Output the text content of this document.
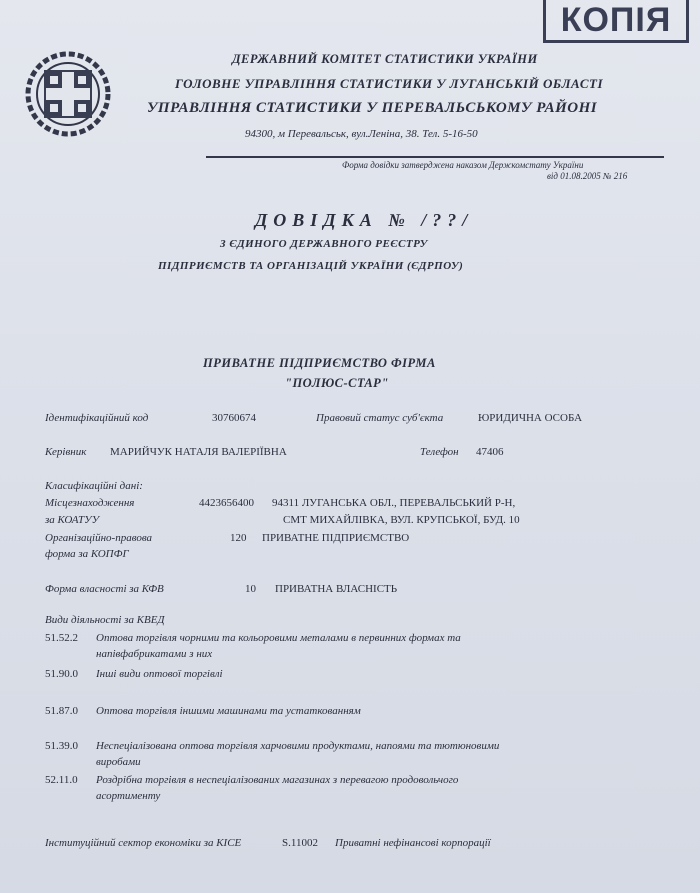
КОПІЯ
ДЕРЖАВНИЙ КОМІТЕТ СТАТИСТИКИ УКРАЇНИ
ГОЛОВНЕ УПРАВЛІННЯ СТАТИСТИКИ У ЛУГАНСЬКІЙ ОБЛАСТІ
УПРАВЛІННЯ СТАТИСТИКИ У ПЕРЕВАЛЬСЬКОМУ РАЙОНІ
94300, м Перевальськ, вул.Леніна, 38. Тел. 5-16-50
Форма довідки затверджена наказом Держкомстату України
від 01.08.2005 № 216
ДОВІДКА № /??/
З ЄДИНОГО ДЕРЖАВНОГО РЕЄСТРУ
ПІДПРИЄМСТВ ТА ОРГАНІЗАЦІЙ УКРАЇНИ (ЄДРПОУ)
ПРИВАТНЕ ПІДПРИЄМСТВО ФІРМА
"ПОЛЮС-СТАР"
Ідентифікаційний код	30760674	Правовий статус суб'єкта	ЮРИДИЧНА ОСОБА
Керівник МАРИЙЧУК НАТАЛЯ ВАЛЕРІЇВНА	Телефон 47406
Класифікаційні дані:
Місцезнаходження
за КОАТУУ
4423656400 94311 ЛУГАНСЬКА ОБЛ., ПЕРЕВАЛЬСЬКИЙ Р-Н,
СМТ МИХАЙЛІВКА, ВУЛ. КРУПСЬКОЇ, БУД. 10
Організаційно-правова
форма за КОПФГ
120 ПРИВАТНЕ ПІДПРИЄМСТВО
Форма власності за КФВ	10 ПРИВАТНА ВЛАСНІСТЬ
Види діяльності за КВЕД
51.52.2 Оптова торгівля чорними та кольоровими металами в первинних формах та
напівфабрикатами з них
51.90.0 Інші види оптової торгівлі
51.87.0 Оптова торгівля іншими машинами та устаткованням
51.39.0 Неспеціалізована оптова торгівля харчовими продуктами, напоями та тютюновими
виробами
52.11.0 Роздрібна торгівля в неспеціалізованих магазинах з перевагою продовольчого
асортименту
Інституційний сектор економіки за КІСЕ	S.11002 Приватні нефінансові корпорації
